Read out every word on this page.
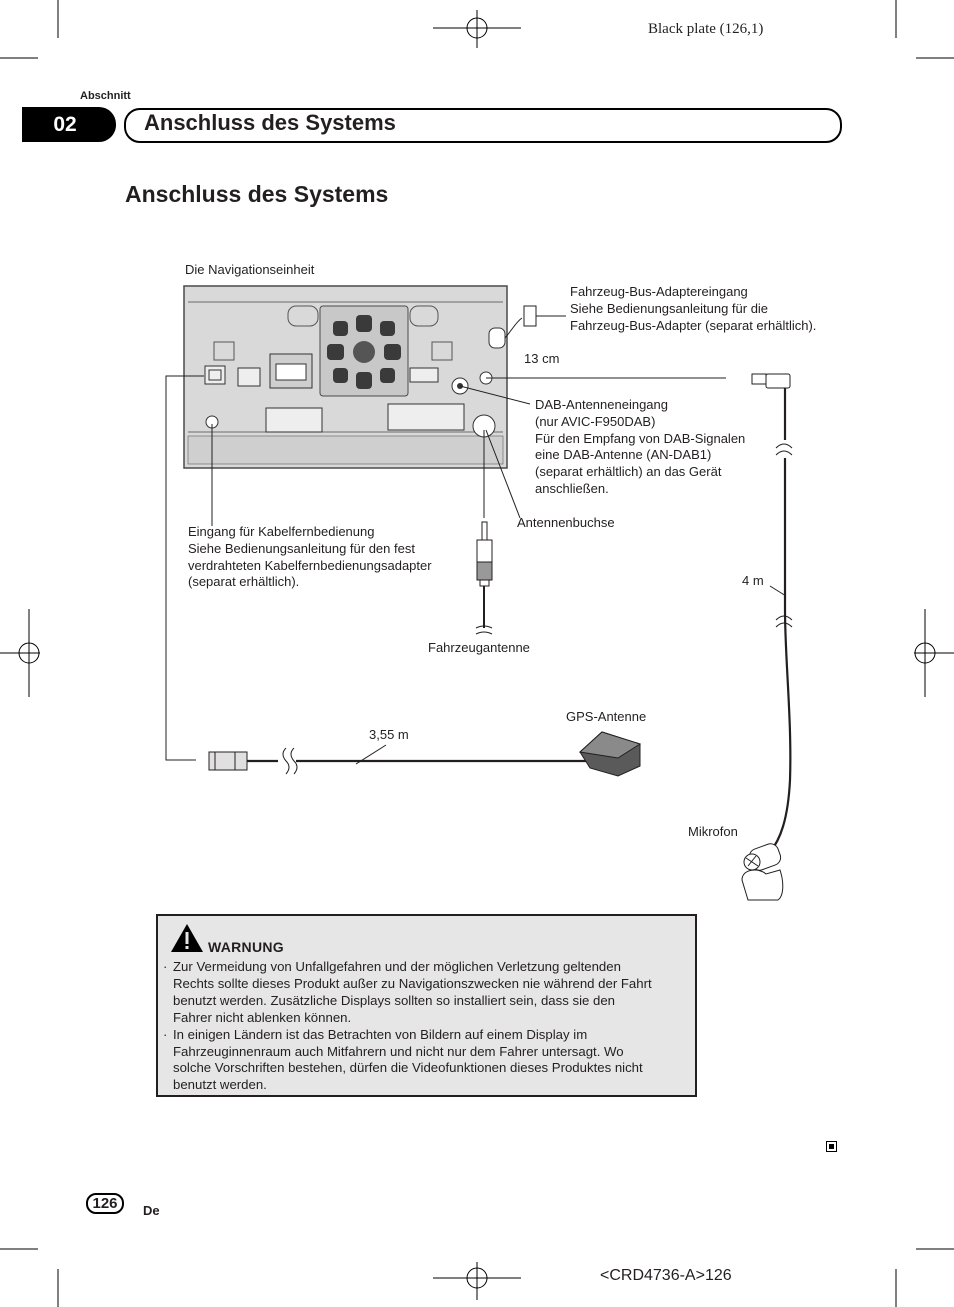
Black plate (126,1)
Abschnitt
02	Anschluss des Systems
Anschluss des Systems
Die Navigationseinheit
Fahrzeug-Bus-Adaptereingang
Siehe Bedienungsanleitung für die
Fahrzeug-Bus-Adapter (separat erhältlich).
13 cm
DAB-Antenneneingang
(nur AVIC-F950DAB)
Für den Empfang von DAB-Signalen
eine DAB-Antenne (AN-DAB1)
(separat erhältlich) an das Gerät
anschließen.
Antennenbuchse
Eingang für Kabelfernbedienung
Siehe Bedienungsanleitung für den fest
verdrahteten Kabelfernbedienungsadapter
(separat erhältlich).	4 m
Fahrzeugantenne
GPS-Antenne
3,55 m
Mikrofon
WARNUNG
· Zur Vermeidung von Unfallgefahren und der möglichen Verletzung geltenden
Rechts sollte dieses Produkt außer zu Navigationszwecken nie während der Fahrt
benutzt werden. Zusätzliche Displays sollten so installiert sein, dass sie den
Fahrer nicht ablenken können.
· In einigen Ländern ist das Betrachten von Bildern auf einem Display im
Fahrzeuginnenraum auch Mitfahrern und nicht nur dem Fahrer untersagt. Wo
solche Vorschriften bestehen, dürfen die Videofunktionen dieses Produktes nicht
benutzt werden.
126	De
<CRD4736-A>126
